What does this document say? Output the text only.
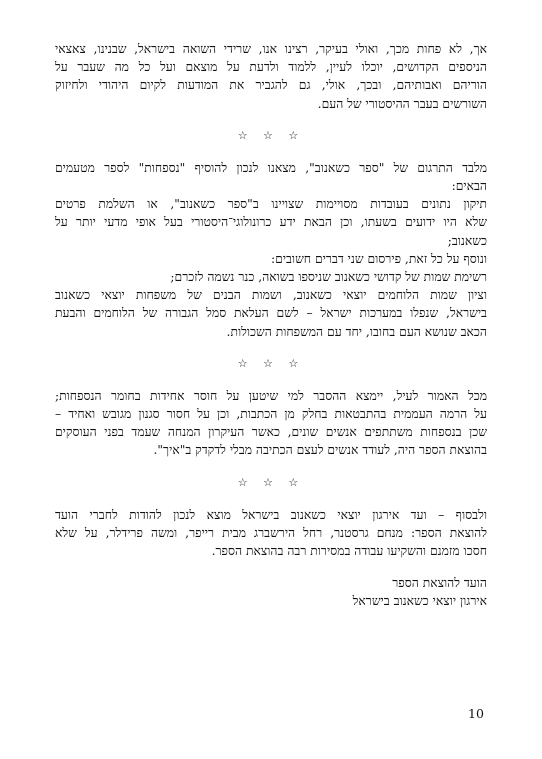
אך, לא פחות מכך, ואולי בעיקר, רצינו אנו, שרידי השואה בישראל, שבנינו, צאצאי
הניספים הקדושים, יוכלו לעיין, ללמוד ולדעת על מוצאם ועל כל מה שעבר על
הוריהם ואבותיהם, ובכך, אולי, גם להגביר את המודעות לקיום היהודי ולחיזוק
השורשים בעבר ההיסטורי של העם.
☆ ☆ ☆
מלבד התרגום של "ספר כשאנוב", מצאנו לנכון להוסיף "נספחות" לספר מטעמים
הבאים:
תיקון נתונים בעובדות מסויימות שצויינו ב"ספר כשאנוב", או השלמת פרטים
שלא היו ידועים בשעתו, וכן הבאת ידע כרונולוגי־היסטורי בעל אופי מדעי יותר על
כשאנוב;
ונוסף על כל זאת, פירסום שני דברים חשובים:
רשימת שמות של קדושי כשאנוב שניספו בשואה, כנר נשמה לזכרם;
וציון שמות הלוחמים יוצאי כשאנוב, ושמות הבנים של משפחות יוצאי כשאנוב
בישראל, שנפלו במערכות ישראל – לשם העלאת סמל הגבורה של הלוחמים והבעת
הכאב שנושא העם בחובו, יחד עם המשפחות השכולות.
☆ ☆ ☆
מכל האמור לעיל, יימצא ההסבר למי שיטען על חוסר אחידות בחומר הנספחות;
על הרמה העממית בהתבטאות בחלק מן הכתבות, וכן על חסור סגנון מגובש ואחיד –
שכן בנספחות משתתפים אנשים שונים, כאשר העיקרון המנחה שעמד בפני העוסקים
בהוצאת הספר היה, לעודד אנשים לעצם הכתיבה מבלי לדקדק ב"איך".
☆ ☆ ☆
ולבסוף – ועד אירגון יוצאי כשאנוב בישראל מוצא לנכון להודות לחברי הועד
להוצאת הספר: מנחם גרסטנר, רחל הירשברג מבית רייפר, ומשה פרידלר, על שלא
חסכו מזמנם והשקיעו עבודה במסירות רבה בהוצאת הספר.
הועד להוצאת הספר
אירגון יוצאי כשאנוב בישראל
10
